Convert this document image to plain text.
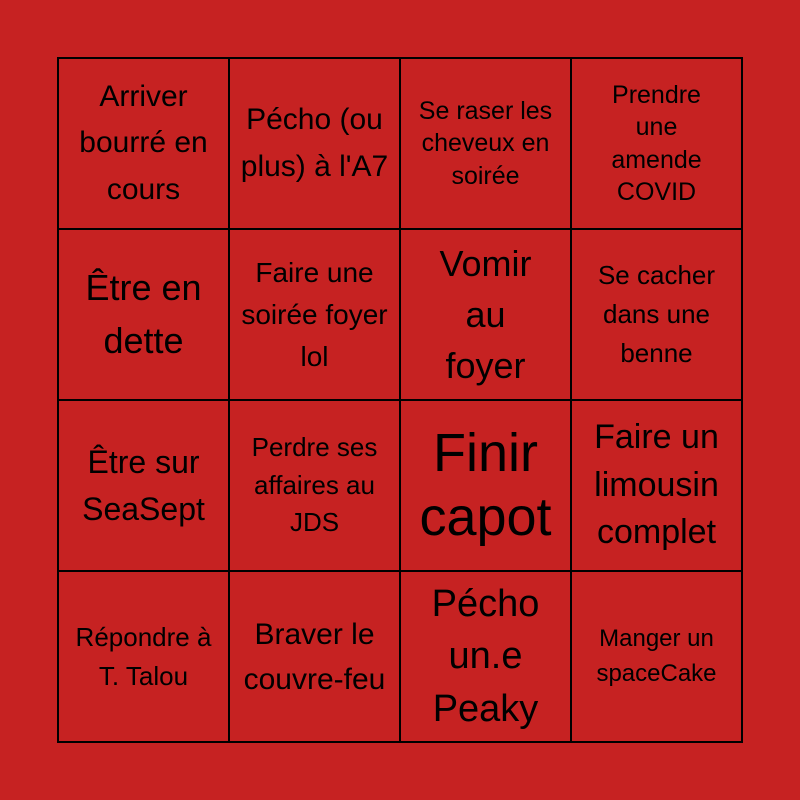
Arriver bourré en cours
Pécho (ou plus) à l'A7
Se raser les cheveux en soirée
Prendre une amende COVID
Être en dette
Faire une soirée foyer lol
Vomir au foyer
Se cacher dans une benne
Être sur SeaSept
Perdre ses affaires au JDS
Finir capot
Faire un limousin complet
Répondre à T. Talou
Braver le couvre-feu
Pécho un.e Peaky
Manger un spaceCake
